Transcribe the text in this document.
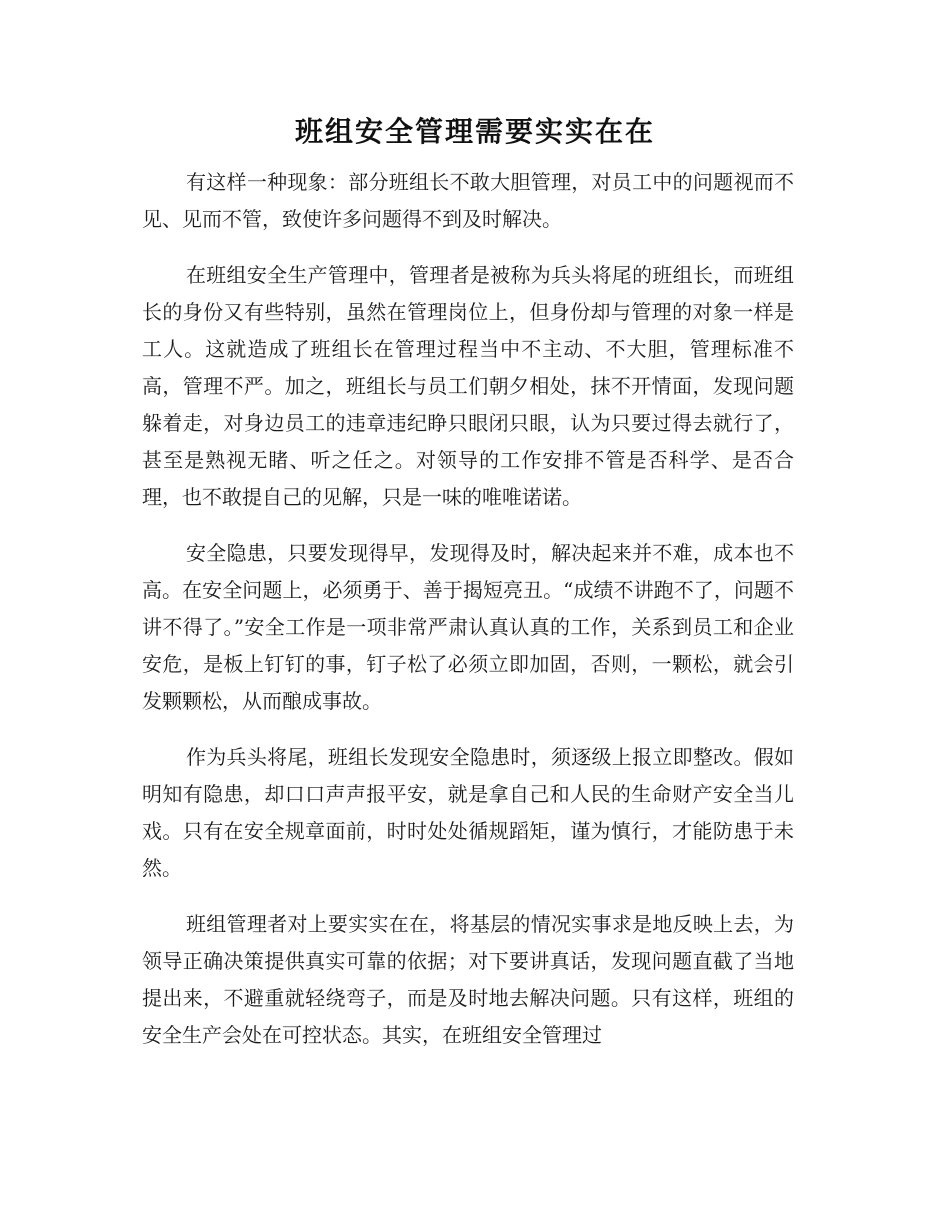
班组安全管理需要实实在在

有这样一种现象：部分班组长不敢大胆管理，对员工中的问题视而不见、见而不管，致使许多问题得不到及时解决。

在班组安全生产管理中，管理者是被称为兵头将尾的班组长，而班组长的身份又有些特别，虽然在管理岗位上，但身份却与管理的对象一样是工人。这就造成了班组长在管理过程当中不主动、不大胆，管理标准不高，管理不严。加之，班组长与员工们朝夕相处，抹不开情面，发现问题躲着走，对身边员工的违章违纪睁只眼闭只眼，认为只要过得去就行了，甚至是熟视无睹、听之任之。对领导的工作安排不管是否科学、是否合理，也不敢提自己的见解，只是一味的唯唯诺诺。

安全隐患，只要发现得早，发现得及时，解决起来并不难，成本也不高。在安全问题上，必须勇于、善于揭短亮丑。“成绩不讲跑不了，问题不讲不得了。”安全工作是一项非常严肃认真认真的工作，关系到员工和企业安危，是板上钉钉的事，钉子松了必须立即加固，否则，一颗松，就会引发颗颗松，从而酿成事故。

作为兵头将尾，班组长发现安全隐患时，须逐级上报立即整改。假如明知有隐患，却口口声声报平安，就是拿自己和人民的生命财产安全当儿戏。只有在安全规章面前，时时处处循规蹈矩，谨为慎行，才能防患于未然。

班组管理者对上要实实在在，将基层的情况实事求是地反映上去，为领导正确决策提供真实可靠的依据；对下要讲真话，发现问题直截了当地提出来，不避重就轻绕弯子，而是及时地去解决问题。只有这样，班组的安全生产会处在可控状态。其实，在班组安全管理过
